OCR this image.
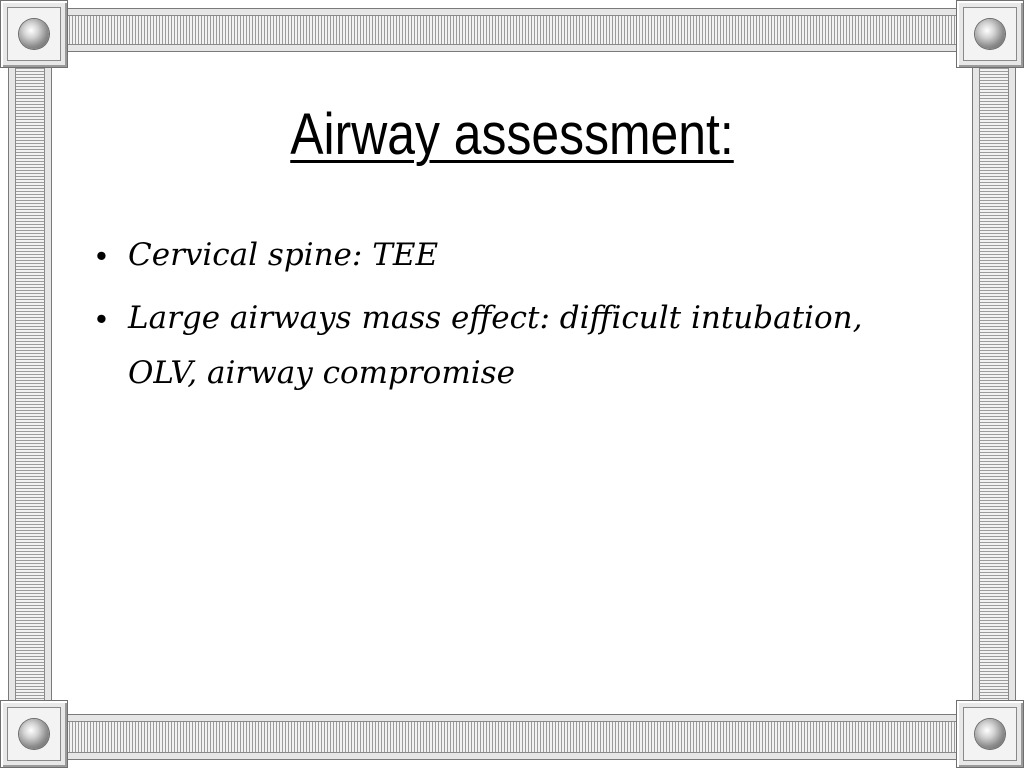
Airway assessment:
• Cervical spine: TEE
• Large airways mass effect: difficult intubation, OLV, airway compromise
